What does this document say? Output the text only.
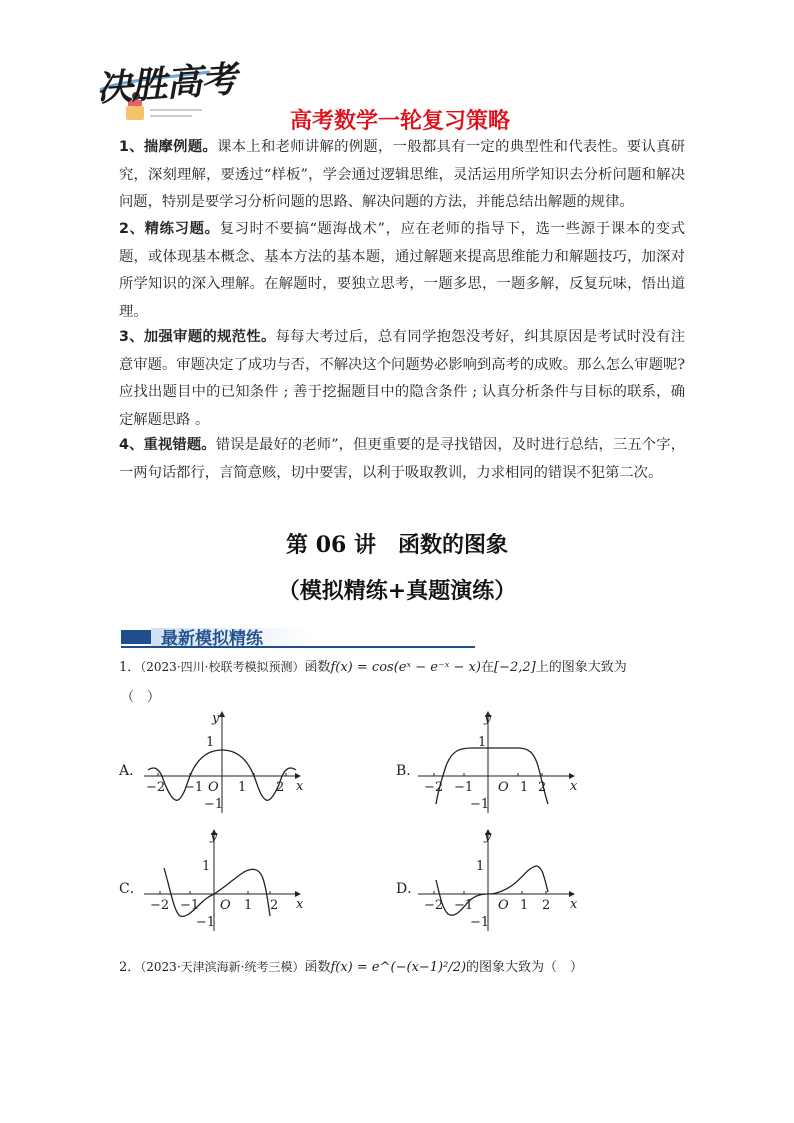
决胜高考
高考数学一轮复习策略

1、揣摩例题。课本上和老师讲解的例题，一般都具有一定的典型性和代表性。要认真研究，深刻理解，要透过“样板”，学会通过逻辑思维，灵活运用所学知识去分析问题和解决问题，特别是要学习分析问题的思路、解决问题的方法，并能总结出解题的规律。

2、精练习题。复习时不要搞“题海战术”，应在老师的指导下，选一些源于课本的变式题，或体现基本概念、基本方法的基本题，通过解题来提高思维能力和解题技巧，加深对所学知识的深入理解。在解题时，要独立思考，一题多思，一题多解，反复玩味，悟出道理。

3、加强审题的规范性。每每大考过后，总有同学抱怨没考好，纠其原因是考试时没有注意审题。审题决定了成功与否，不解决这个问题势必影响到高考的成败。那么怎么审题呢? 应找出题目中的已知条件 ; 善于挖掘题目中的隐含条件 ; 认真分析条件与目标的联系，确定解题思路 。

4、重视错题。错误是最好的老师”，但更重要的是寻找错因，及时进行总结，三五个字，一两句话都行，言简意赅，切中要害，以利于吸取教训，力求相同的错误不犯第二次。

第 06 讲　函数的图象
（模拟精练+真题演练）
最新模拟精练
1．（2023·四川·校联考模拟预测）函数f(x) = cos(eˣ − e⁻ˣ − x)在[−2,2]上的图象大致为
（　）
A．	B．
C．	D．
1
y
x
−2 −1 O 1 2
−1
1
y
x
−2 −1 O 1 2
−1
1
y
x
−2 −1 O 1 2
−1
1
y
x
−2 −1 O 1 2
−1
2．（2023·天津滨海新·统考三模）函数f(x) = e^(−(x−1)²/2)的图象大致为（　）
